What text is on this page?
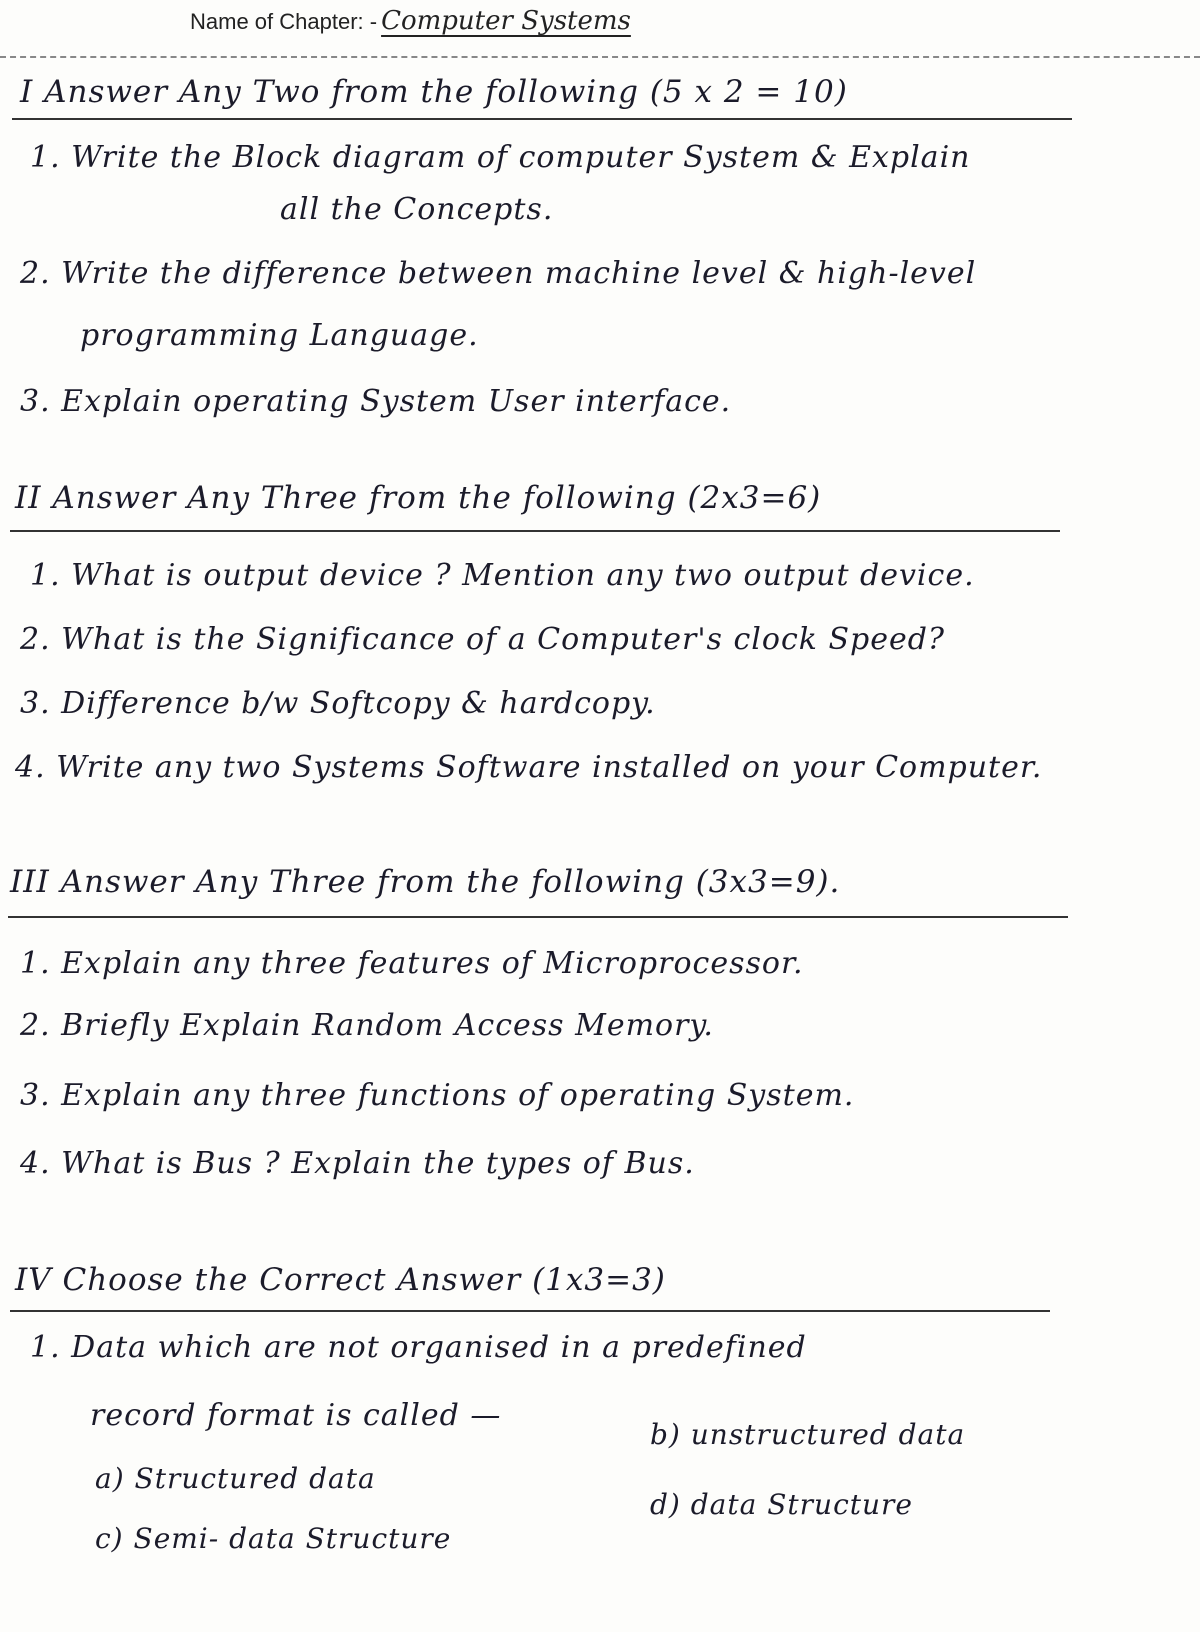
Name of Chapter: - Computer Systems
I Answer Any Two from the following (5 x 2 = 10)
1. Write the Block diagram of computer System & Explain
all the Concepts.
2. Write the difference between machine level & high-level
programming Language.
3. Explain operating System User interface.
II Answer Any Three from the following (2x3=6)
1. What is output device ? Mention any two output device.
2. What is the Significance of a Computer's clock Speed?
3. Difference b/w Softcopy & hardcopy.
4. Write any two Systems Software installed on your Computer.
III Answer Any Three from the following (3x3=9).
1. Explain any three features of Microprocessor.
2. Briefly Explain Random Access Memory.
3. Explain any three functions of operating System.
4. What is Bus ? Explain the types of Bus.
IV Choose the Correct Answer (1x3=3)
1. Data which are not organised in a predefined
record format is called —
a) Structured data
b) unstructured data
c) Semi- data Structure
d) data Structure
